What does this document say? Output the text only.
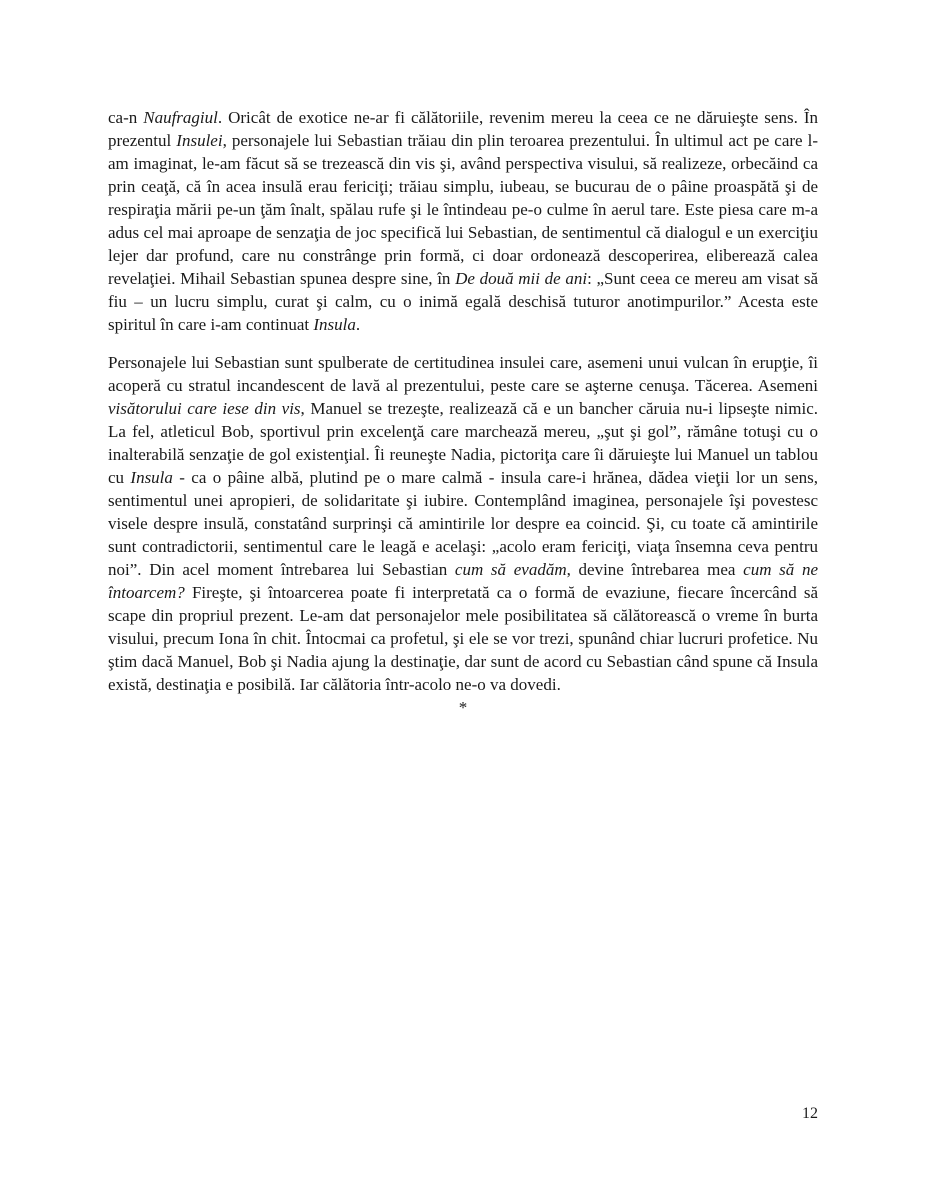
ca-n Naufragiul. Oricât de exotice ne-ar fi călătoriile, revenim mereu la ceea ce ne dăruieşte sens. În prezentul Insulei, personajele lui Sebastian trăiau din plin teroarea prezentului. În ultimul act pe care l-am imaginat, le-am făcut să se trezească din vis şi, având perspectiva visului, să realizeze, orbecăind ca prin ceaţă, că în acea insulă erau fericiţi; trăiau simplu, iubeau, se bucurau de o pâine proaspătă şi de respiraţia mării pe-un ţăm înalt, spălau rufe şi le întindeau pe-o culme în aerul tare. Este piesa care m-a adus cel mai aproape de senzaţia de joc specifică lui Sebastian, de sentimentul că dialogul e un exerciţiu lejer dar profund, care nu constrânge prin formă, ci doar ordonează descoperirea, eliberează calea revelaţiei. Mihail Sebastian spunea despre sine, în De două mii de ani: „Sunt ceea ce mereu am visat să fiu – un lucru simplu, curat şi calm, cu o inimă egală deschisă tuturor anotimpurilor.” Acesta este spiritul în care i-am continuat Insula.

Personajele lui Sebastian sunt spulberate de certitudinea insulei care, asemeni unui vulcan în erupţie, îi acoperă cu stratul incandescent de lavă al prezentului, peste care se aşterne cenuşa. Tăcerea. Asemeni visătorului care iese din vis, Manuel se trezeşte, realizează că e un bancher căruia nu-i lipseşte nimic. La fel, atleticul Bob, sportivul prin excelenţă care marchează mereu, „şut şi gol”, rămâne totuşi cu o inalterabilă senzaţie de gol existenţial. Îi reuneşte Nadia, pictoriţa care îi dăruieşte lui Manuel un tablou cu Insula - ca o pâine albă, plutind pe o mare calmă - insula care-i hrănea, dădea vieţii lor un sens, sentimentul unei apropieri, de solidaritate şi iubire. Contemplând imaginea, personajele îşi povestesc visele despre insulă, constatând surprinşi că amintirile lor despre ea coincid. Şi, cu toate că amintirile sunt contradictorii, sentimentul care le leagă e acelaşi: „acolo eram fericiţi, viaţa însemna ceva pentru noi”. Din acel moment întrebarea lui Sebastian cum să evadăm, devine întrebarea mea cum să ne întoarcem? Fireşte, şi întoarcerea poate fi interpretată ca o formă de evaziune, fiecare încercând să scape din propriul prezent. Le-am dat personajelor mele posibilitatea să călătorească o vreme în burta visului, precum Iona în chit. Întocmai ca profetul, şi ele se vor trezi, spunând chiar lucruri profetice. Nu ştim dacă Manuel, Bob şi Nadia ajung la destinaţie, dar sunt de acord cu Sebastian când spune că Insula există, destinaţia e posibilă. Iar călătoria într-acolo ne-o va dovedi.

*
12
